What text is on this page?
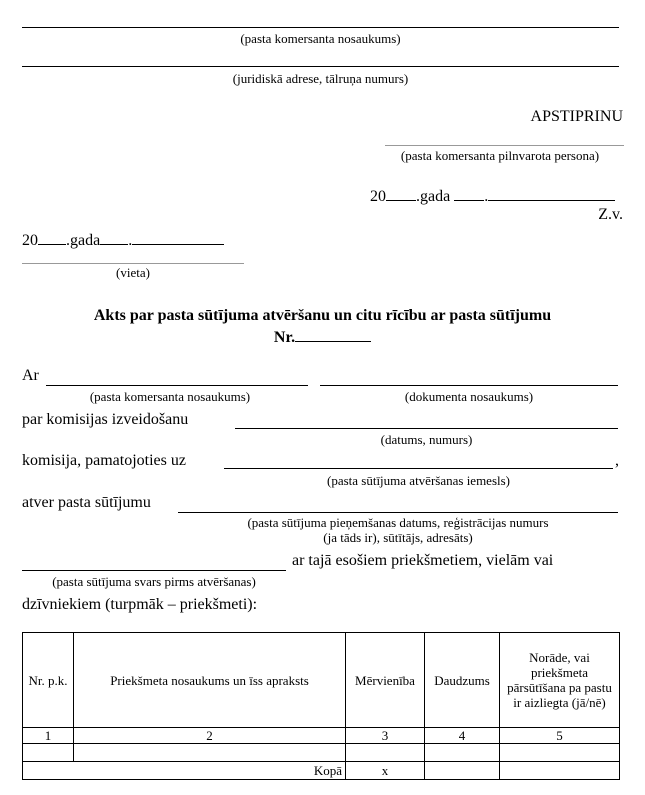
(pasta komersanta nosaukums)
(juridiskā adrese, tālruņa numurs)
APSTIPRINU
(pasta komersanta pilnvarota persona)
20 .gada .
Z.v.
20 .gada .
(vieta)
Akts par pasta sūtījuma atvēršanu un citu rīcību ar pasta sūtījumu
Nr.
Ar
(pasta komersanta nosaukums)	(dokumenta nosaukums)
par komisijas izveidošanu
(datums, numurs)
komisija, pamatojoties uz	,
(pasta sūtījuma atvēršanas iemesls)
atver pasta sūtījumu
(pasta sūtījuma pieņemšanas datums, reģistrācijas numurs
(ja tāds ir), sūtītājs, adresāts)
ar tajā esošiem priekšmetiem, vielām vai
(pasta sūtījuma svars pirms atvēršanas)
dzīvniekiem (turpmāk – priekšmeti):
Nr. p.k.	Priekšmeta nosaukums un īss apraksts	Mērvienība	Daudzums	Norāde, vai priekšmeta pārsūtīšana pa pastu ir aizliegta (jā/nē)
1	2	3	4	5

Kopā		x		
